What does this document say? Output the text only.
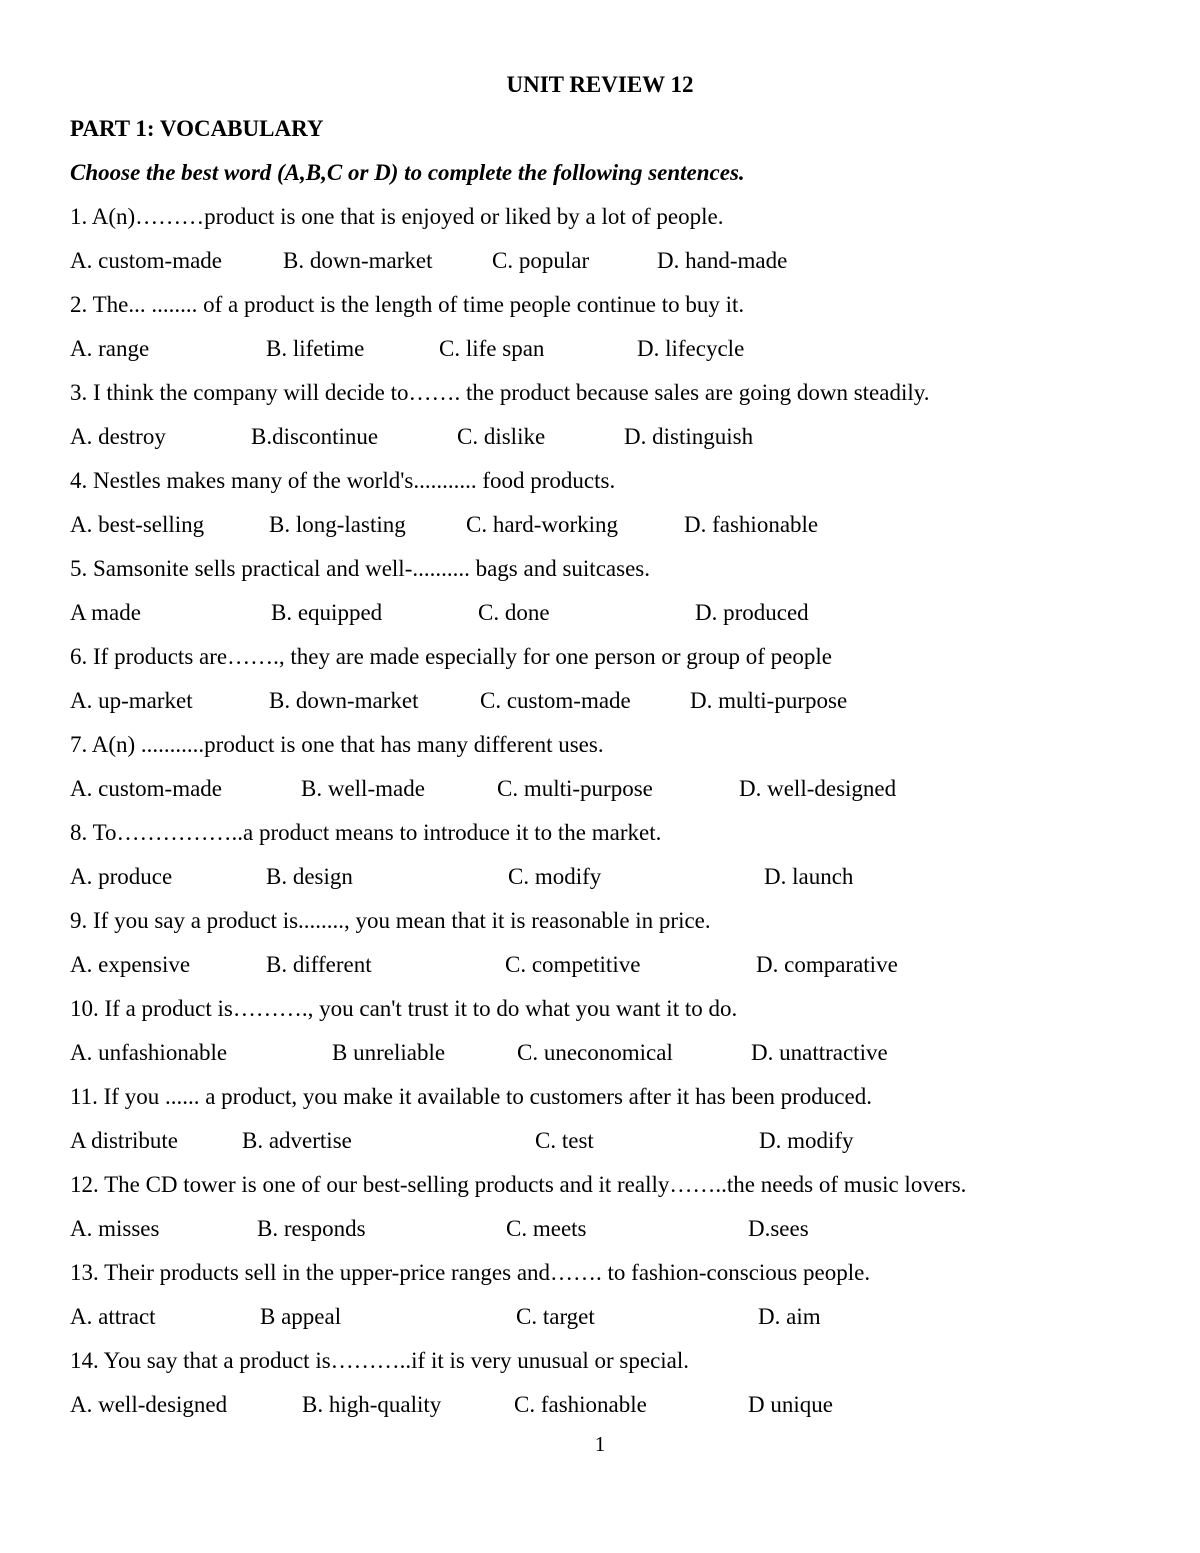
UNIT REVIEW 12
PART 1: VOCABULARY
Choose the best word (A,B,C or D) to complete the following sentences.
1. A(n)………product is one that is enjoyed or liked by a lot of people.
A. custom-made	B. down-market	C. popular	D. hand-made
2. The... ........ of a product is the length of time people continue to buy it.
A. range	B. lifetime	C. life span	D. lifecycle
3. I think the company will decide to……. the product because sales are going down steadily.
A. destroy	B.discontinue	C. dislike	D. distinguish
4. Nestles makes many of the world's........... food products.
A. best-selling	B. long-lasting	C. hard-working	D. fashionable
5. Samsonite sells practical and well-.......... bags and suitcases.
A made	B. equipped	C. done	D. produced
6. If products are……., they are made especially for one person or group of people
A. up-market	B. down-market	C. custom-made	D. multi-purpose
7. A(n) ...........product is one that has many different uses.
A. custom-made	B. well-made	C. multi-purpose	D. well-designed
8. To……………..a product means to introduce it to the market.
A. produce	B. design	C. modify	D. launch
9. If you say a product is........, you mean that it is reasonable in price.
A. expensive	B. different	C. competitive	D. comparative
10. If a product is………., you can't trust it to do what you want it to do.
A. unfashionable	B unreliable	C. uneconomical	D. unattractive
11. If you ...... a product, you make it available to customers after it has been produced.
A distribute	B. advertise	C. test	D. modify
12. The CD tower is one of our best-selling products and it really……..the needs of music lovers.
A. misses	B. responds	C. meets	D.sees
13. Their products sell in the upper-price ranges and……. to fashion-conscious people.
A. attract	B appeal	C. target	D. aim
14. You say that a product is………..if it is very unusual or special.
A. well-designed	B. high-quality	C. fashionable	D unique
1
